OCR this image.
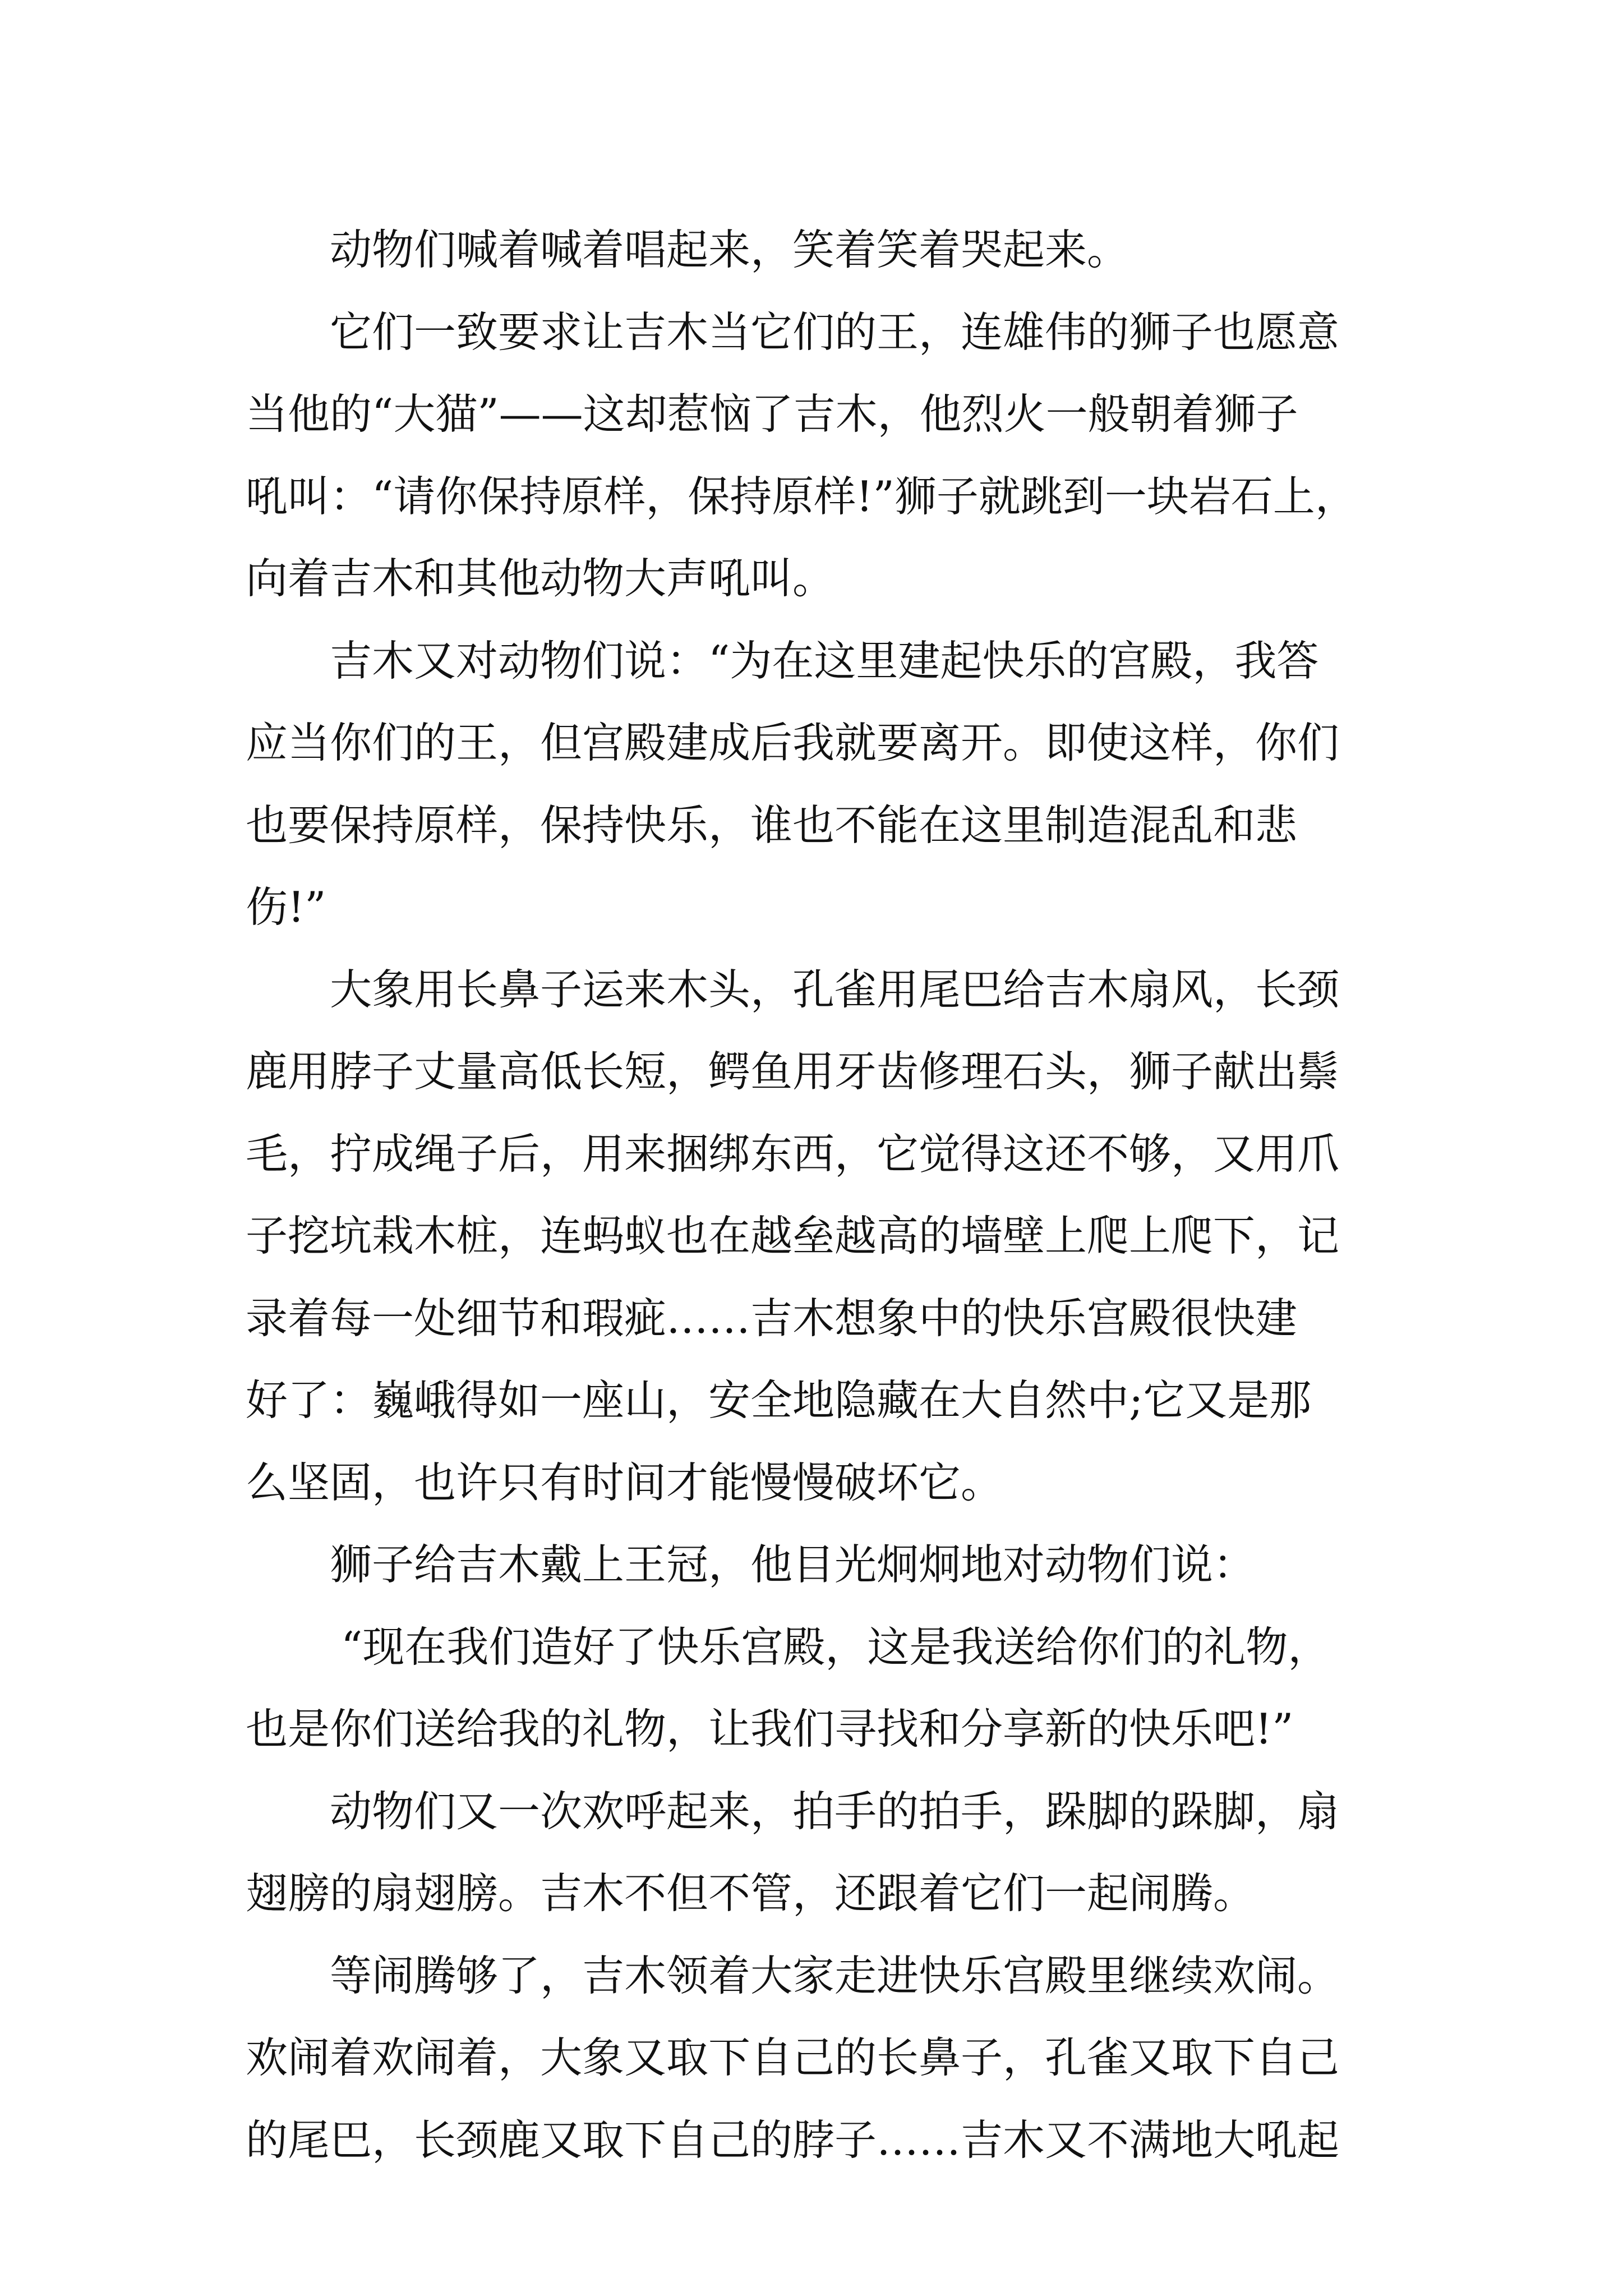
动物们喊着喊着唱起来，笑着笑着哭起来。
它们一致要求让吉木当它们的王，连雄伟的狮子也愿意
当他的“大猫”——这却惹恼了吉木，他烈火一般朝着狮子
吼叫：“请你保持原样，保持原样!”狮子就跳到一块岩石上，
向着吉木和其他动物大声吼叫。
吉木又对动物们说：“为在这里建起快乐的宫殿，我答
应当你们的王，但宫殿建成后我就要离开。即使这样，你们
也要保持原样，保持快乐，谁也不能在这里制造混乱和悲
伤!”
大象用长鼻子运来木头，孔雀用尾巴给吉木扇风，长颈
鹿用脖子丈量高低长短，鳄鱼用牙齿修理石头，狮子献出鬃
毛，拧成绳子后，用来捆绑东西，它觉得这还不够，又用爪
子挖坑栽木桩，连蚂蚁也在越垒越高的墙壁上爬上爬下，记
录着每一处细节和瑕疵……吉木想象中的快乐宫殿很快建
好了：巍峨得如一座山，安全地隐藏在大自然中;它又是那
么坚固，也许只有时间才能慢慢破坏它。
狮子给吉木戴上王冠，他目光炯炯地对动物们说：
“现在我们造好了快乐宫殿，这是我送给你们的礼物，
也是你们送给我的礼物，让我们寻找和分享新的快乐吧!”
动物们又一次欢呼起来，拍手的拍手，跺脚的跺脚，扇
翅膀的扇翅膀。吉木不但不管，还跟着它们一起闹腾。
等闹腾够了，吉木领着大家走进快乐宫殿里继续欢闹。
欢闹着欢闹着，大象又取下自己的长鼻子，孔雀又取下自己
的尾巴，长颈鹿又取下自己的脖子……吉木又不满地大吼起
